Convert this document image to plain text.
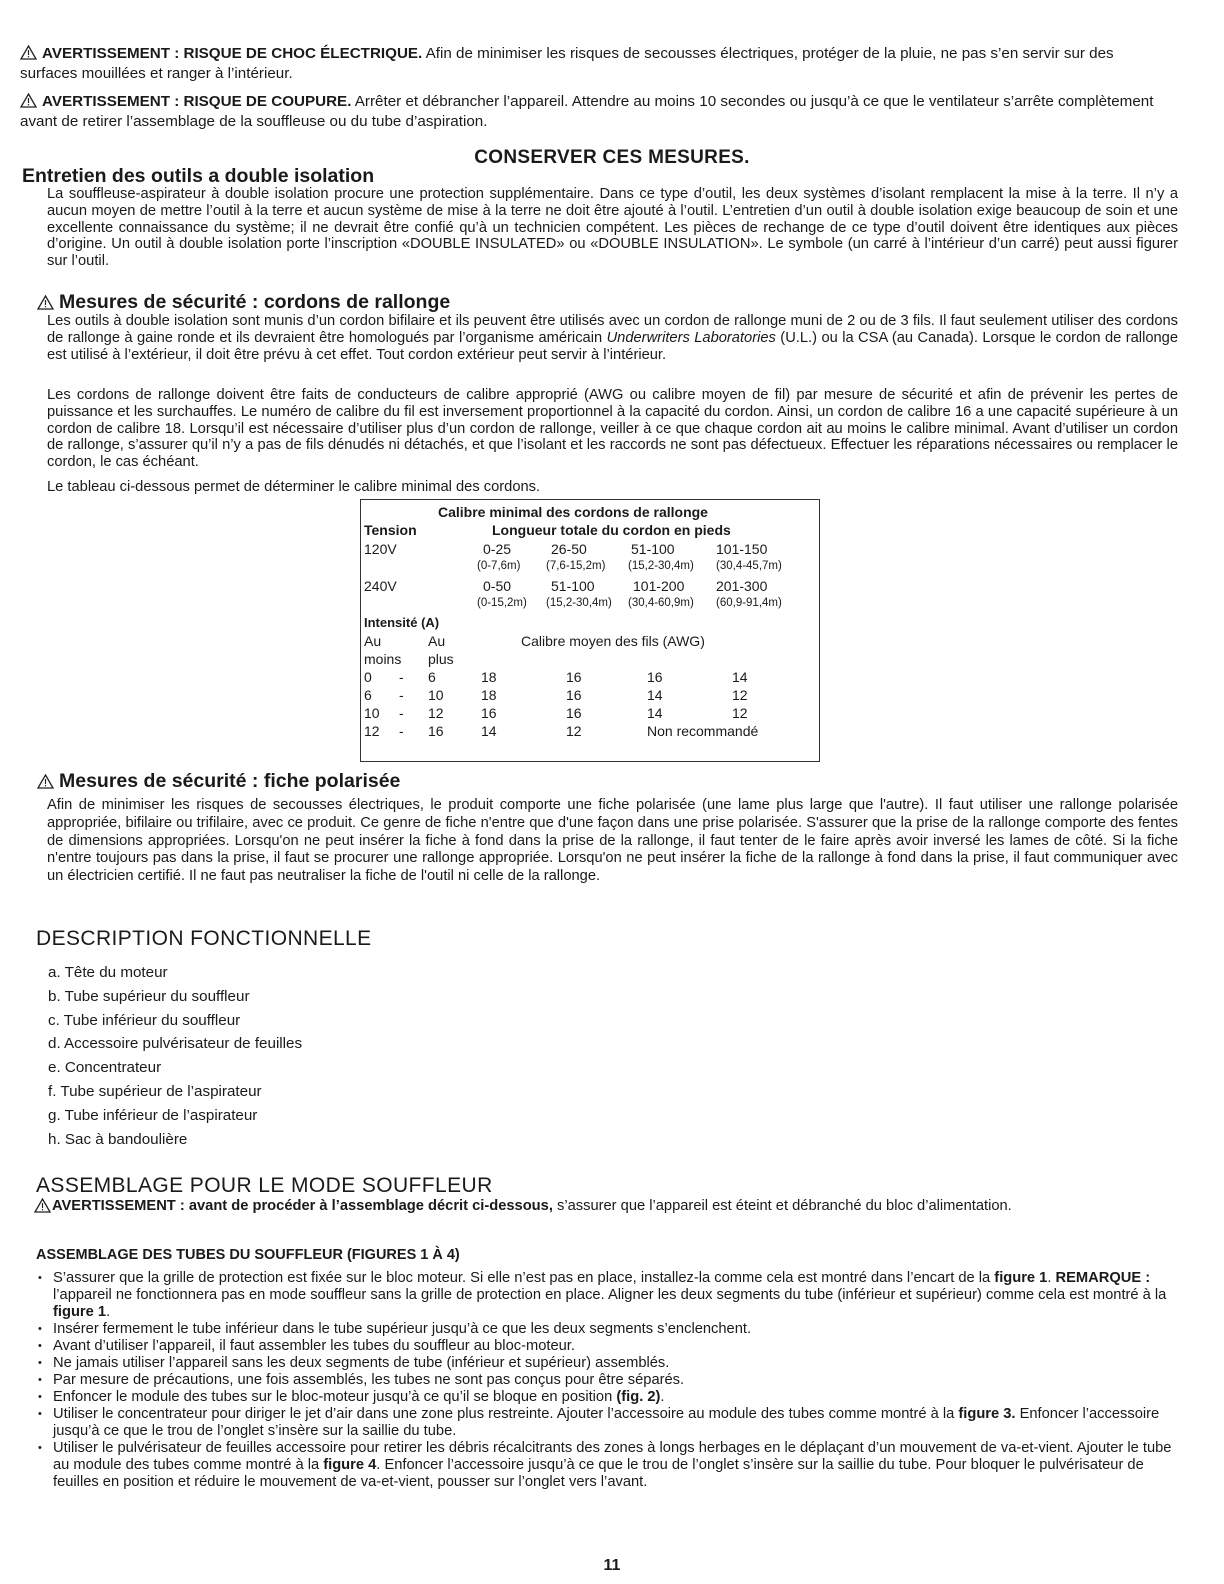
AVERTISSEMENT : RISQUE DE CHOC ÉLECTRIQUE. Afin de minimiser les risques de secousses électriques, protéger de la pluie, ne pas s’en servir sur des surfaces mouillées et ranger à l’intérieur.
AVERTISSEMENT : RISQUE DE COUPURE. Arrêter et débrancher l’appareil. Attendre au moins 10 secondes ou jusqu’à ce que le ventilateur s’arrête complètement avant de retirer l’assemblage de la souffleuse ou du tube d’aspiration.
CONSERVER CES MESURES.
Entretien des outils a double isolation
La souffleuse-aspirateur à double isolation procure une protection supplémentaire. Dans ce type d’outil, les deux systèmes d’isolant remplacent la mise à la terre. Il n’y a aucun moyen de mettre l’outil à la terre et aucun système de mise à la terre ne doit être ajouté à l’outil. L’entretien d’un outil à double isolation exige beaucoup de soin et une excellente connaissance du système; il ne devrait être confié qu’à un technicien compétent. Les pièces de rechange de ce type d’outil doivent être identiques aux pièces d’origine. Un outil à double isolation porte l’inscription «DOUBLE INSULATED» ou «DOUBLE INSULATION». Le symbole (un carré à l’intérieur d’un carré) peut aussi figurer sur l’outil.
Mesures de sécurité : cordons de rallonge
Les outils à double isolation sont munis d’un cordon bifilaire et ils peuvent être utilisés avec un cordon de rallonge muni de 2 ou de 3 fils. Il faut seulement utiliser des cordons de rallonge à gaine ronde et ils devraient être homologués par l’organisme américain Underwriters Laboratories (U.L.) ou la CSA (au Canada). Lorsque le cordon de rallonge est utilisé à l’extérieur, il doit être prévu à cet effet. Tout cordon extérieur peut servir à l’intérieur.
Les cordons de rallonge doivent être faits de conducteurs de calibre approprié (AWG ou calibre moyen de fil) par mesure de sécurité et afin de prévenir les pertes de puissance et les surchauffes. Le numéro de calibre du fil est inversement proportionnel à la capacité du cordon. Ainsi, un cordon de calibre 16 a une capacité supérieure à un cordon de calibre 18. Lorsqu’il est nécessaire d’utiliser plus d’un cordon de rallonge, veiller à ce que chaque cordon ait au moins le calibre minimal. Avant d’utiliser un cordon de rallonge, s’assurer qu’il n’y a pas de fils dénudés ni détachés, et que l’isolant et les raccords ne sont pas défectueux. Effectuer les réparations nécessaires ou remplacer le cordon, le cas échéant.
Le tableau ci-dessous permet de déterminer le calibre minimal des cordons.
Calibre minimal des cordons de rallonge
Tension	Longueur totale du cordon en pieds
120V	0-25	26-50	51-100	101-150
(0-7,6m) (7,6-15,2m) (15,2-30,4m) (30,4-45,7m)
240V	0-50	51-100	101-200 201-300
(0-15,2m) (15,2-30,4m) (30,4-60,9m) (60,9-91,4m)
Intensité (A)
Au	Au	Calibre moyen des fils (AWG)
moins plus
0 - 6	18	16	16	14
6 - 10	18	16	14	12
10 - 12	16	16	14	12
12 - 16	14	12	Non recommandé
Mesures de sécurité : fiche polarisée
Afin de minimiser les risques de secousses électriques, le produit comporte une fiche polarisée (une lame plus large que l'autre). Il faut utiliser une rallonge polarisée appropriée, bifilaire ou trifilaire, avec ce produit. Ce genre de fiche n'entre que d'une façon dans une prise polarisée. S'assurer que la prise de la rallonge comporte des fentes de dimensions appropriées. Lorsqu'on ne peut insérer la fiche à fond dans la prise de la rallonge, il faut tenter de le faire après avoir inversé les lames de côté. Si la fiche n'entre toujours pas dans la prise, il faut se procurer une rallonge appropriée. Lorsqu'on ne peut insérer la fiche de la rallonge à fond dans la prise, il faut communiquer avec un électricien certifié. Il ne faut pas neutraliser la fiche de l'outil ni celle de la rallonge.
DESCRIPTION FONCTIONNELLE
a. Tête du moteur
b. Tube supérieur du souffleur
c. Tube inférieur du souffleur
d. Accessoire pulvérisateur de feuilles
e. Concentrateur
f. Tube supérieur de l’aspirateur
g. Tube inférieur de l’aspirateur
h. Sac à bandoulière
ASSEMBLAGE POUR LE MODE SOUFFLEUR
AVERTISSEMENT : avant de procéder à l’assemblage décrit ci-dessous, s’assurer que l’appareil est éteint et débranché du bloc d’alimentation.
ASSEMBLAGE DES TUBES DU SOUFFLEUR (FIGURES 1 À 4)
• S’assurer que la grille de protection est fixée sur le bloc moteur. Si elle n’est pas en place, installez-la comme cela est montré dans l’encart de la figure 1. REMARQUE : l’appareil ne fonctionnera pas en mode souffleur sans la grille de protection en place. Aligner les deux segments du tube (inférieur et supérieur) comme cela est montré à la figure 1.
• Insérer fermement le tube inférieur dans le tube supérieur jusqu’à ce que les deux segments s’enclenchent.
• Avant d’utiliser l’appareil, il faut assembler les tubes du souffleur au bloc-moteur.
• Ne jamais utiliser l’appareil sans les deux segments de tube (inférieur et supérieur) assemblés.
• Par mesure de précautions, une fois assemblés, les tubes ne sont pas conçus pour être séparés.
• Enfoncer le module des tubes sur le bloc-moteur jusqu’à ce qu’il se bloque en position (fig. 2).
• Utiliser le concentrateur pour diriger le jet d’air dans une zone plus restreinte. Ajouter l’accessoire au module des tubes comme montré à la figure 3. Enfoncer l’accessoire jusqu’à ce que le trou de l’onglet s’insère sur la saillie du tube.
• Utiliser le pulvérisateur de feuilles accessoire pour retirer les débris récalcitrants des zones à longs herbages en le déplaçant d’un mouvement de va-et-vient. Ajouter le tube au module des tubes comme montré à la figure 4. Enfoncer l’accessoire jusqu’à ce que le trou de l’onglet s’insère sur la saillie du tube. Pour bloquer le pulvérisateur de feuilles en position et réduire le mouvement de va-et-vient, pousser sur l’onglet vers l’avant.
11
